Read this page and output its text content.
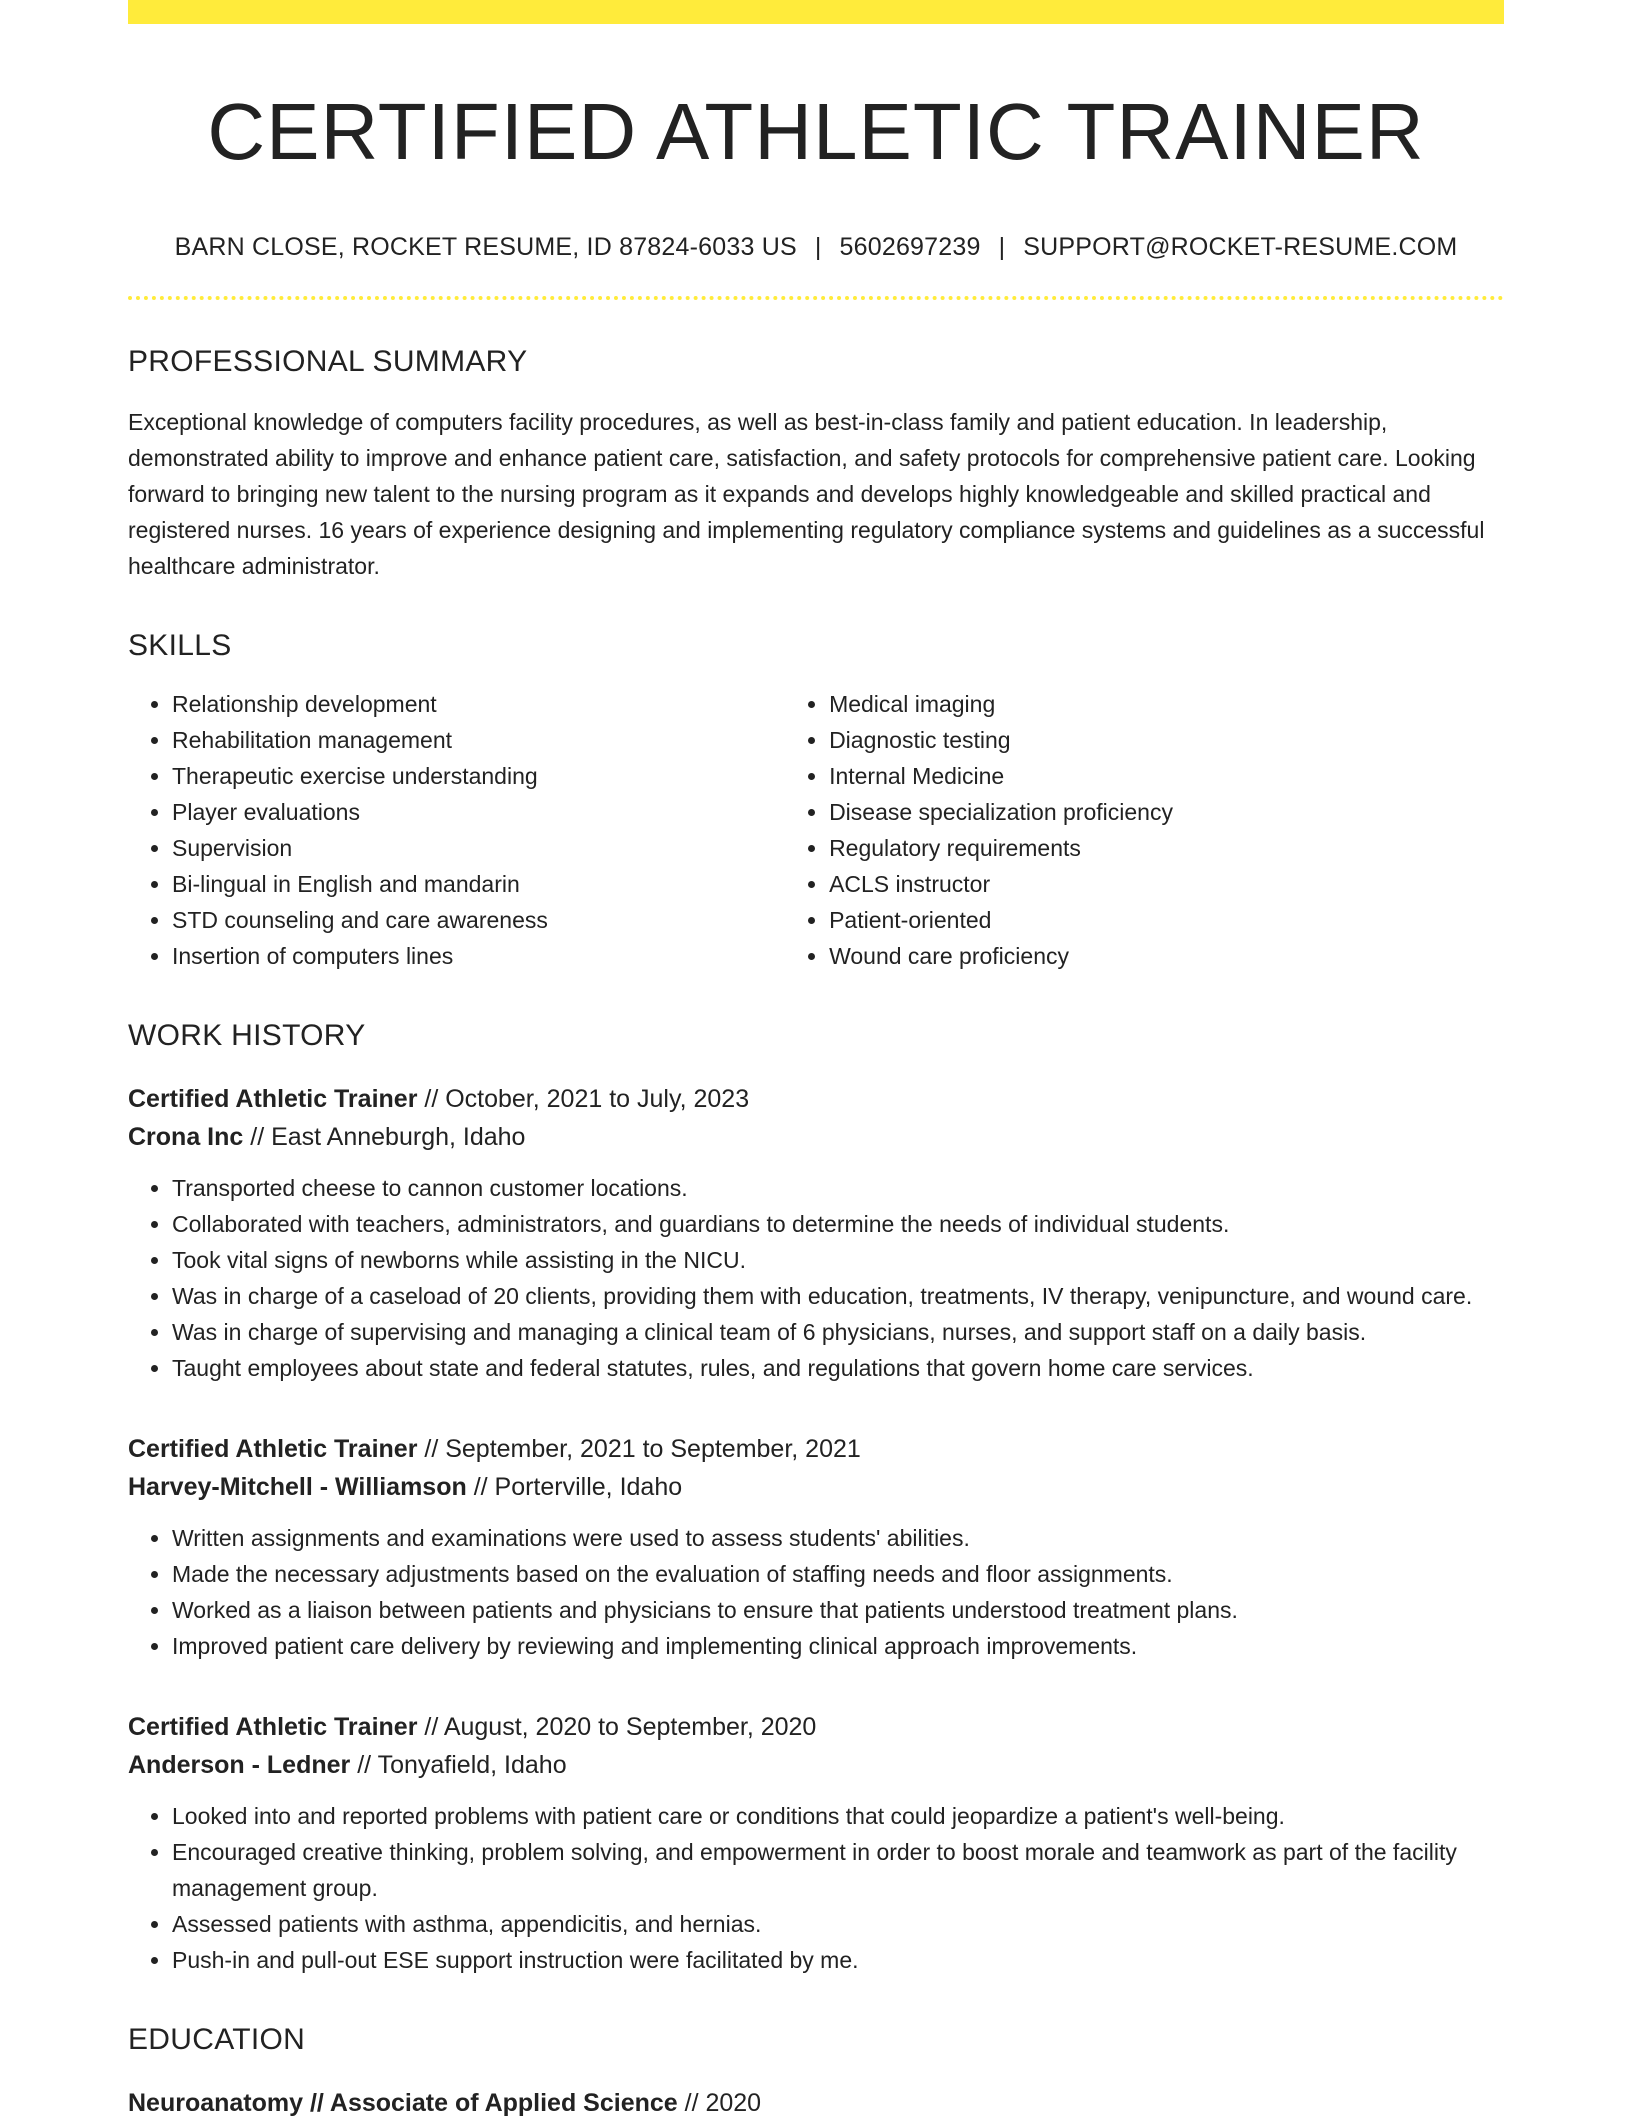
CERTIFIED ATHLETIC TRAINER
BARN CLOSE, ROCKET RESUME, ID 87824-6033 US | 5602697239 | SUPPORT@ROCKET-RESUME.COM
PROFESSIONAL SUMMARY

Exceptional knowledge of computers facility procedures, as well as best-in-class family and patient education. In leadership, demonstrated ability to improve and enhance patient care, satisfaction, and safety protocols for comprehensive patient care. Looking forward to bringing new talent to the nursing program as it expands and develops highly knowledgeable and skilled practical and registered nurses. 16 years of experience designing and implementing regulatory compliance systems and guidelines as a successful healthcare administrator.

SKILLS
• Relationship development
• Rehabilitation management
• Therapeutic exercise understanding
• Player evaluations
• Supervision
• Bi-lingual in English and mandarin
• STD counseling and care awareness
• Insertion of computers lines
• Medical imaging
• Diagnostic testing
• Internal Medicine
• Disease specialization proficiency
• Regulatory requirements
• ACLS instructor
• Patient-oriented
• Wound care proficiency
WORK HISTORY
Certified Athletic Trainer // October, 2021 to July, 2023
Crona Inc // East Anneburgh, Idaho
• Transported cheese to cannon customer locations.
• Collaborated with teachers, administrators, and guardians to determine the needs of individual students.
• Took vital signs of newborns while assisting in the NICU.
• Was in charge of a caseload of 20 clients, providing them with education, treatments, IV therapy, venipuncture, and wound care.
• Was in charge of supervising and managing a clinical team of 6 physicians, nurses, and support staff on a daily basis.
• Taught employees about state and federal statutes, rules, and regulations that govern home care services.
Certified Athletic Trainer // September, 2021 to September, 2021
Harvey-Mitchell - Williamson // Porterville, Idaho
• Written assignments and examinations were used to assess students' abilities.
• Made the necessary adjustments based on the evaluation of staffing needs and floor assignments.
• Worked as a liaison between patients and physicians to ensure that patients understood treatment plans.
• Improved patient care delivery by reviewing and implementing clinical approach improvements.
Certified Athletic Trainer // August, 2020 to September, 2020
Anderson - Ledner // Tonyafield, Idaho
• Looked into and reported problems with patient care or conditions that could jeopardize a patient's well-being.
• Encouraged creative thinking, problem solving, and empowerment in order to boost morale and teamwork as part of the facility management group.
• Assessed patients with asthma, appendicitis, and hernias.
• Push-in and pull-out ESE support instruction were facilitated by me.
EDUCATION
Neuroanatomy // Associate of Applied Science // 2020
